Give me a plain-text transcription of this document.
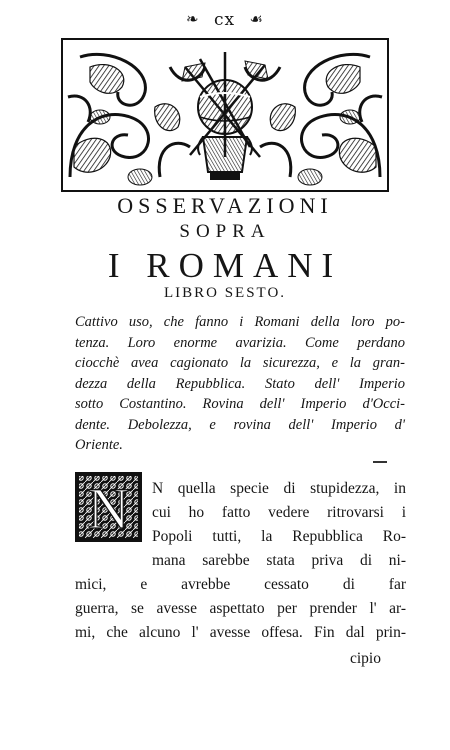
❧ cx ☙
OSSERVAZIONI
SOPRA
I ROMANI
LIBRO SESTO.
Cattivo uso, che fanno i Romani della loro po-
tenza. Loro enorme avarizia. Come perdano
ciocchè avea cagionato la sicurezza, e la gran-
dezza della Repubblica. Stato dell' Imperio
sotto Costantino. Rovina dell' Imperio d'Occi-
dente. Debolezza, e rovina dell' Imperio d'
Oriente.
N N quella specie di stupidezza, in
cui ho fatto vedere ritrovarsi i
Popoli tutti, la Repubblica Ro-
mana sarebbe stata priva di ni-
mici, e avrebbe cessato di far
guerra, se avesse aspettato per prender l' ar-
mi, che alcuno l' avesse offesa. Fin dal prin-
cipio
